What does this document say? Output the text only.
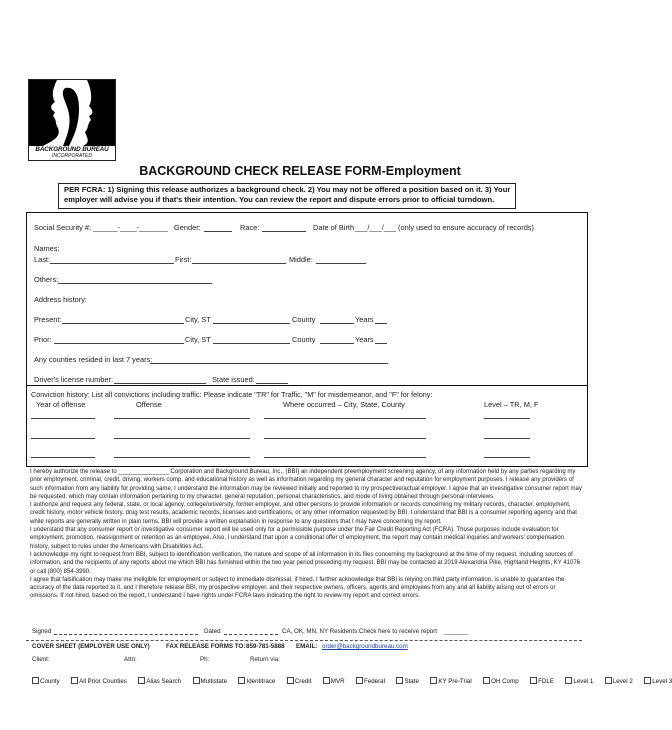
BACKGROUND BUREAU
INCORPORATED
BACKGROUND CHECK RELEASE FORM-Employment
PER FCRA: 1) Signing this release authorizes a background check. 2) You may not be offered a position based on it. 3) Your
employer will advise you if that's their intention. You can review the report and dispute errors prior to official turndown.
Social Security #: ______-____-_______ Gender:	Race:	Date of Birth ___/___/___ (only used to ensure accuracy of records)
Names:
Last:	First:	Middle:
Others:
Address history:
Present:	City, ST	County	Years
Prior:	City, ST	County	Years
Any counties resided in last 7 years:
Driver's license number:	State issued:
Conviction history: List all convictions including traffic: Please indicate "TR" for Traffic, "M" for misdemeanor, and "F" for felony:
Year of offense	Offense	Where occurred – City, State, County	Level – TR, M, F

I hereby authorize the release to _______________ Corporation and Background Bureau, Inc., (BBI) an independent preemployment screening agency, of any information held by any parties regarding my prior employment, criminal, credit, driving, workers comp. and educational history as well as information regarding my general character and reputation for employment purposes. I release any providers of such information from any liability for providing same, I understand the information may be reviewed initially and reported to my prospective/actual employer. I agree that an investigative consumer report may be requested, which may contain information pertaining to my character, general reputation, personal characteristics, and mode of living obtained through personal interviews.

I authorize and request any federal, state, or local agency, college/university, former employer, and other persons to provide information or records concerning my military records, character, employment, credit history, motor vehicle history, drug test results, academic records, licenses and certifications, or any other information requested by BBI. I understand that BBI is a consumer reporting agency and that while reports are generally written in plain terms, BBI will provide a written explanation in response to any questions that I may have concerning my report.

I understand that any consumer report or investigative consumer report will be used only for a permissible purpose under the Fair Credit Reporting Act (FCRA). Those purposes include evaluation for employment, promotion, reassignment or retention as an employee. Also, I understand that upon a conditional offer of employment, the report may contain medical inquiries and workers' compensation history, subject to rules under the Americans with Disabilities Act.

I acknowledge my right to request from BBI, subject to identification verification, the nature and scope of all information in its files concerning my background at the time of my request, including sources of information, and the recipients of any reports about me which BBI has furnished within the two year period preceding my request. BBI may be contacted at 2019 Alexandria Pike, Highland Heights, KY 41076 or call (800) 854-3990.

I agree that falsification may make me ineligible for employment or subject to immediate dismissal, if hired. I further acknowledge that BBI is relying on third party information, is unable to guarantee the accuracy of the data reported to it, and I therefore release BBI, my prospective employer, and their respective owners, officers, agents and employees from any and all liability arising out of errors or omissions. If not hired, based on the report, I understand I have rights under FCRA laws indicating the right to review my report and correct errors.

Signed	Dated	CA, OK, MN, NY Residents:Check here to receive report _______
COVER SHEET (EMPLOYER USE ONLY)	FAX RELEASE FORMS TO: 859-781-5888 EMAIL: order@backgroundbureau.com
Client:	Attn:	Ph:	Return via:
County	All Prior Counties	Alias Search	Multistate	Identitrace	Credit	MVR	Federal	State	KY Pre-Trial	OH Comp	FDLE	Level 1	Level 2	Level 3
